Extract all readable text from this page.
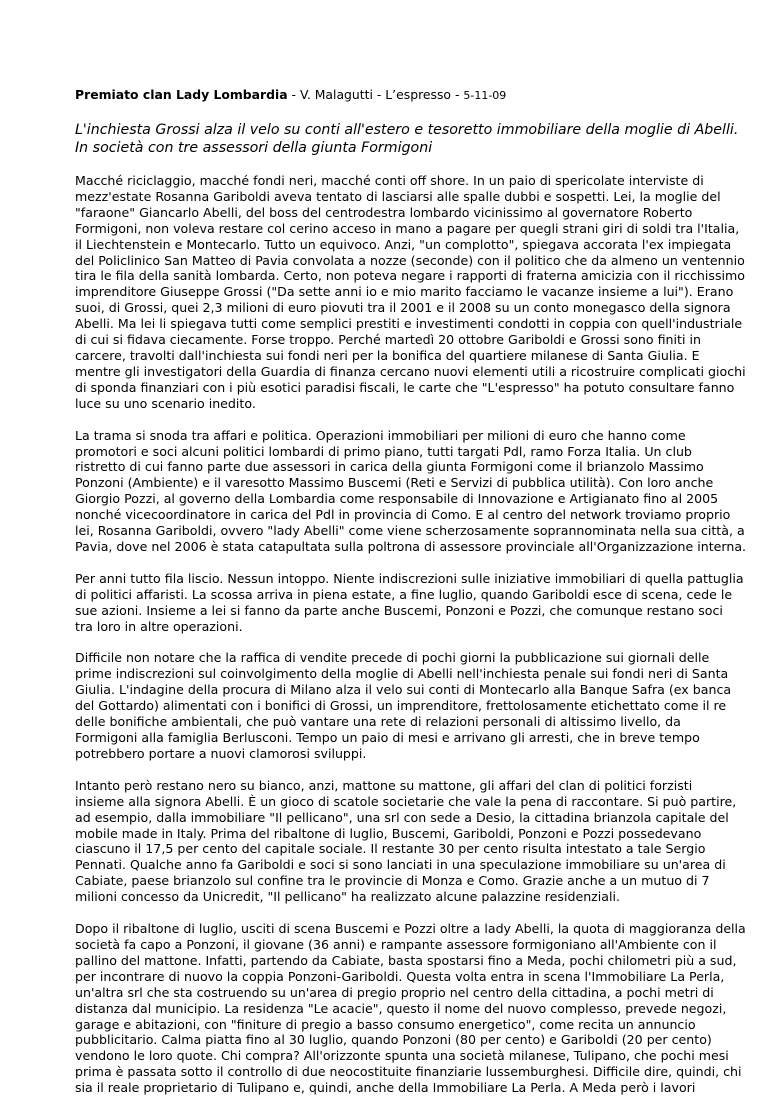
Premiato clan Lady Lombardia - V. Malagutti - L’espresso - 5-11-09
L'inchiesta Grossi alza il velo su conti all'estero e tesoretto immobiliare della moglie di Abelli.
In società con tre assessori della giunta Formigoni
Macché riciclaggio, macché fondi neri, macché conti off shore. In un paio di spericolate interviste di
mezz'estate Rosanna Gariboldi aveva tentato di lasciarsi alle spalle dubbi e sospetti. Lei, la moglie del
"faraone" Giancarlo Abelli, del boss del centrodestra lombardo vicinissimo al governatore Roberto
Formigoni, non voleva restare col cerino acceso in mano a pagare per quegli strani giri di soldi tra l'Italia,
il Liechtenstein e Montecarlo. Tutto un equivoco. Anzi, "un complotto", spiegava accorata l'ex impiegata
del Policlinico San Matteo di Pavia convolata a nozze (seconde) con il politico che da almeno un ventennio
tira le fila della sanità lombarda. Certo, non poteva negare i rapporti di fraterna amicizia con il ricchissimo
imprenditore Giuseppe Grossi ("Da sette anni io e mio marito facciamo le vacanze insieme a lui"). Erano
suoi, di Grossi, quei 2,3 milioni di euro piovuti tra il 2001 e il 2008 su un conto monegasco della signora
Abelli. Ma lei li spiegava tutti come semplici prestiti e investimenti condotti in coppia con quell'industriale
di cui si fidava ciecamente. Forse troppo. Perché martedì 20 ottobre Gariboldi e Grossi sono finiti in
carcere, travolti dall'inchiesta sui fondi neri per la bonifica del quartiere milanese di Santa Giulia. E
mentre gli investigatori della Guardia di finanza cercano nuovi elementi utili a ricostruire complicati giochi
di sponda finanziari con i più esotici paradisi fiscali, le carte che "L'espresso" ha potuto consultare fanno
luce su uno scenario inedito.
La trama si snoda tra affari e politica. Operazioni immobiliari per milioni di euro che hanno come
promotori e soci alcuni politici lombardi di primo piano, tutti targati Pdl, ramo Forza Italia. Un club
ristretto di cui fanno parte due assessori in carica della giunta Formigoni come il brianzolo Massimo
Ponzoni (Ambiente) e il varesotto Massimo Buscemi (Reti e Servizi di pubblica utilità). Con loro anche
Giorgio Pozzi, al governo della Lombardia come responsabile di Innovazione e Artigianato fino al 2005
nonché vicecoordinatore in carica del Pdl in provincia di Como. E al centro del network troviamo proprio
lei, Rosanna Gariboldi, ovvero "lady Abelli" come viene scherzosamente soprannominata nella sua città, a
Pavia, dove nel 2006 è stata catapultata sulla poltrona di assessore provinciale all'Organizzazione interna.
Per anni tutto fila liscio. Nessun intoppo. Niente indiscrezioni sulle iniziative immobiliari di quella pattuglia
di politici affaristi. La scossa arriva in piena estate, a fine luglio, quando Gariboldi esce di scena, cede le
sue azioni. Insieme a lei si fanno da parte anche Buscemi, Ponzoni e Pozzi, che comunque restano soci
tra loro in altre operazioni.
Difficile non notare che la raffica di vendite precede di pochi giorni la pubblicazione sui giornali delle
prime indiscrezioni sul coinvolgimento della moglie di Abelli nell'inchiesta penale sui fondi neri di Santa
Giulia. L'indagine della procura di Milano alza il velo sui conti di Montecarlo alla Banque Safra (ex banca
del Gottardo) alimentati con i bonifici di Grossi, un imprenditore, frettolosamente etichettato come il re
delle bonifiche ambientali, che può vantare una rete di relazioni personali di altissimo livello, da
Formigoni alla famiglia Berlusconi. Tempo un paio di mesi e arrivano gli arresti, che in breve tempo
potrebbero portare a nuovi clamorosi sviluppi.
Intanto però restano nero su bianco, anzi, mattone su mattone, gli affari del clan di politici forzisti
insieme alla signora Abelli. È un gioco di scatole societarie che vale la pena di raccontare. Si può partire,
ad esempio, dalla immobiliare "Il pellicano", una srl con sede a Desio, la cittadina brianzola capitale del
mobile made in Italy. Prima del ribaltone di luglio, Buscemi, Gariboldi, Ponzoni e Pozzi possedevano
ciascuno il 17,5 per cento del capitale sociale. Il restante 30 per cento risulta intestato a tale Sergio
Pennati. Qualche anno fa Gariboldi e soci si sono lanciati in una speculazione immobiliare su un'area di
Cabiate, paese brianzolo sul confine tra le provincie di Monza e Como. Grazie anche a un mutuo di 7
milioni concesso da Unicredit, "Il pellicano" ha realizzato alcune palazzine residenziali.
Dopo il ribaltone di luglio, usciti di scena Buscemi e Pozzi oltre a lady Abelli, la quota di maggioranza della
società fa capo a Ponzoni, il giovane (36 anni) e rampante assessore formigoniano all'Ambiente con il
pallino del mattone. Infatti, partendo da Cabiate, basta spostarsi fino a Meda, pochi chilometri più a sud,
per incontrare di nuovo la coppia Ponzoni-Gariboldi. Questa volta entra in scena l'Immobiliare La Perla,
un'altra srl che sta costruendo su un'area di pregio proprio nel centro della cittadina, a pochi metri di
distanza dal municipio. La residenza "Le acacie", questo il nome del nuovo complesso, prevede negozi,
garage e abitazioni, con "finiture di pregio a basso consumo energetico", come recita un annuncio
pubblicitario. Calma piatta fino al 30 luglio, quando Ponzoni (80 per cento) e Gariboldi (20 per cento)
vendono le loro quote. Chi compra? All'orizzonte spunta una società milanese, Tulipano, che pochi mesi
prima è passata sotto il controllo di due neocostituite finanziarie lussemburghesi. Difficile dire, quindi, chi
sia il reale proprietario di Tulipano e, quindi, anche della Immobiliare La Perla. A Meda però i lavori
